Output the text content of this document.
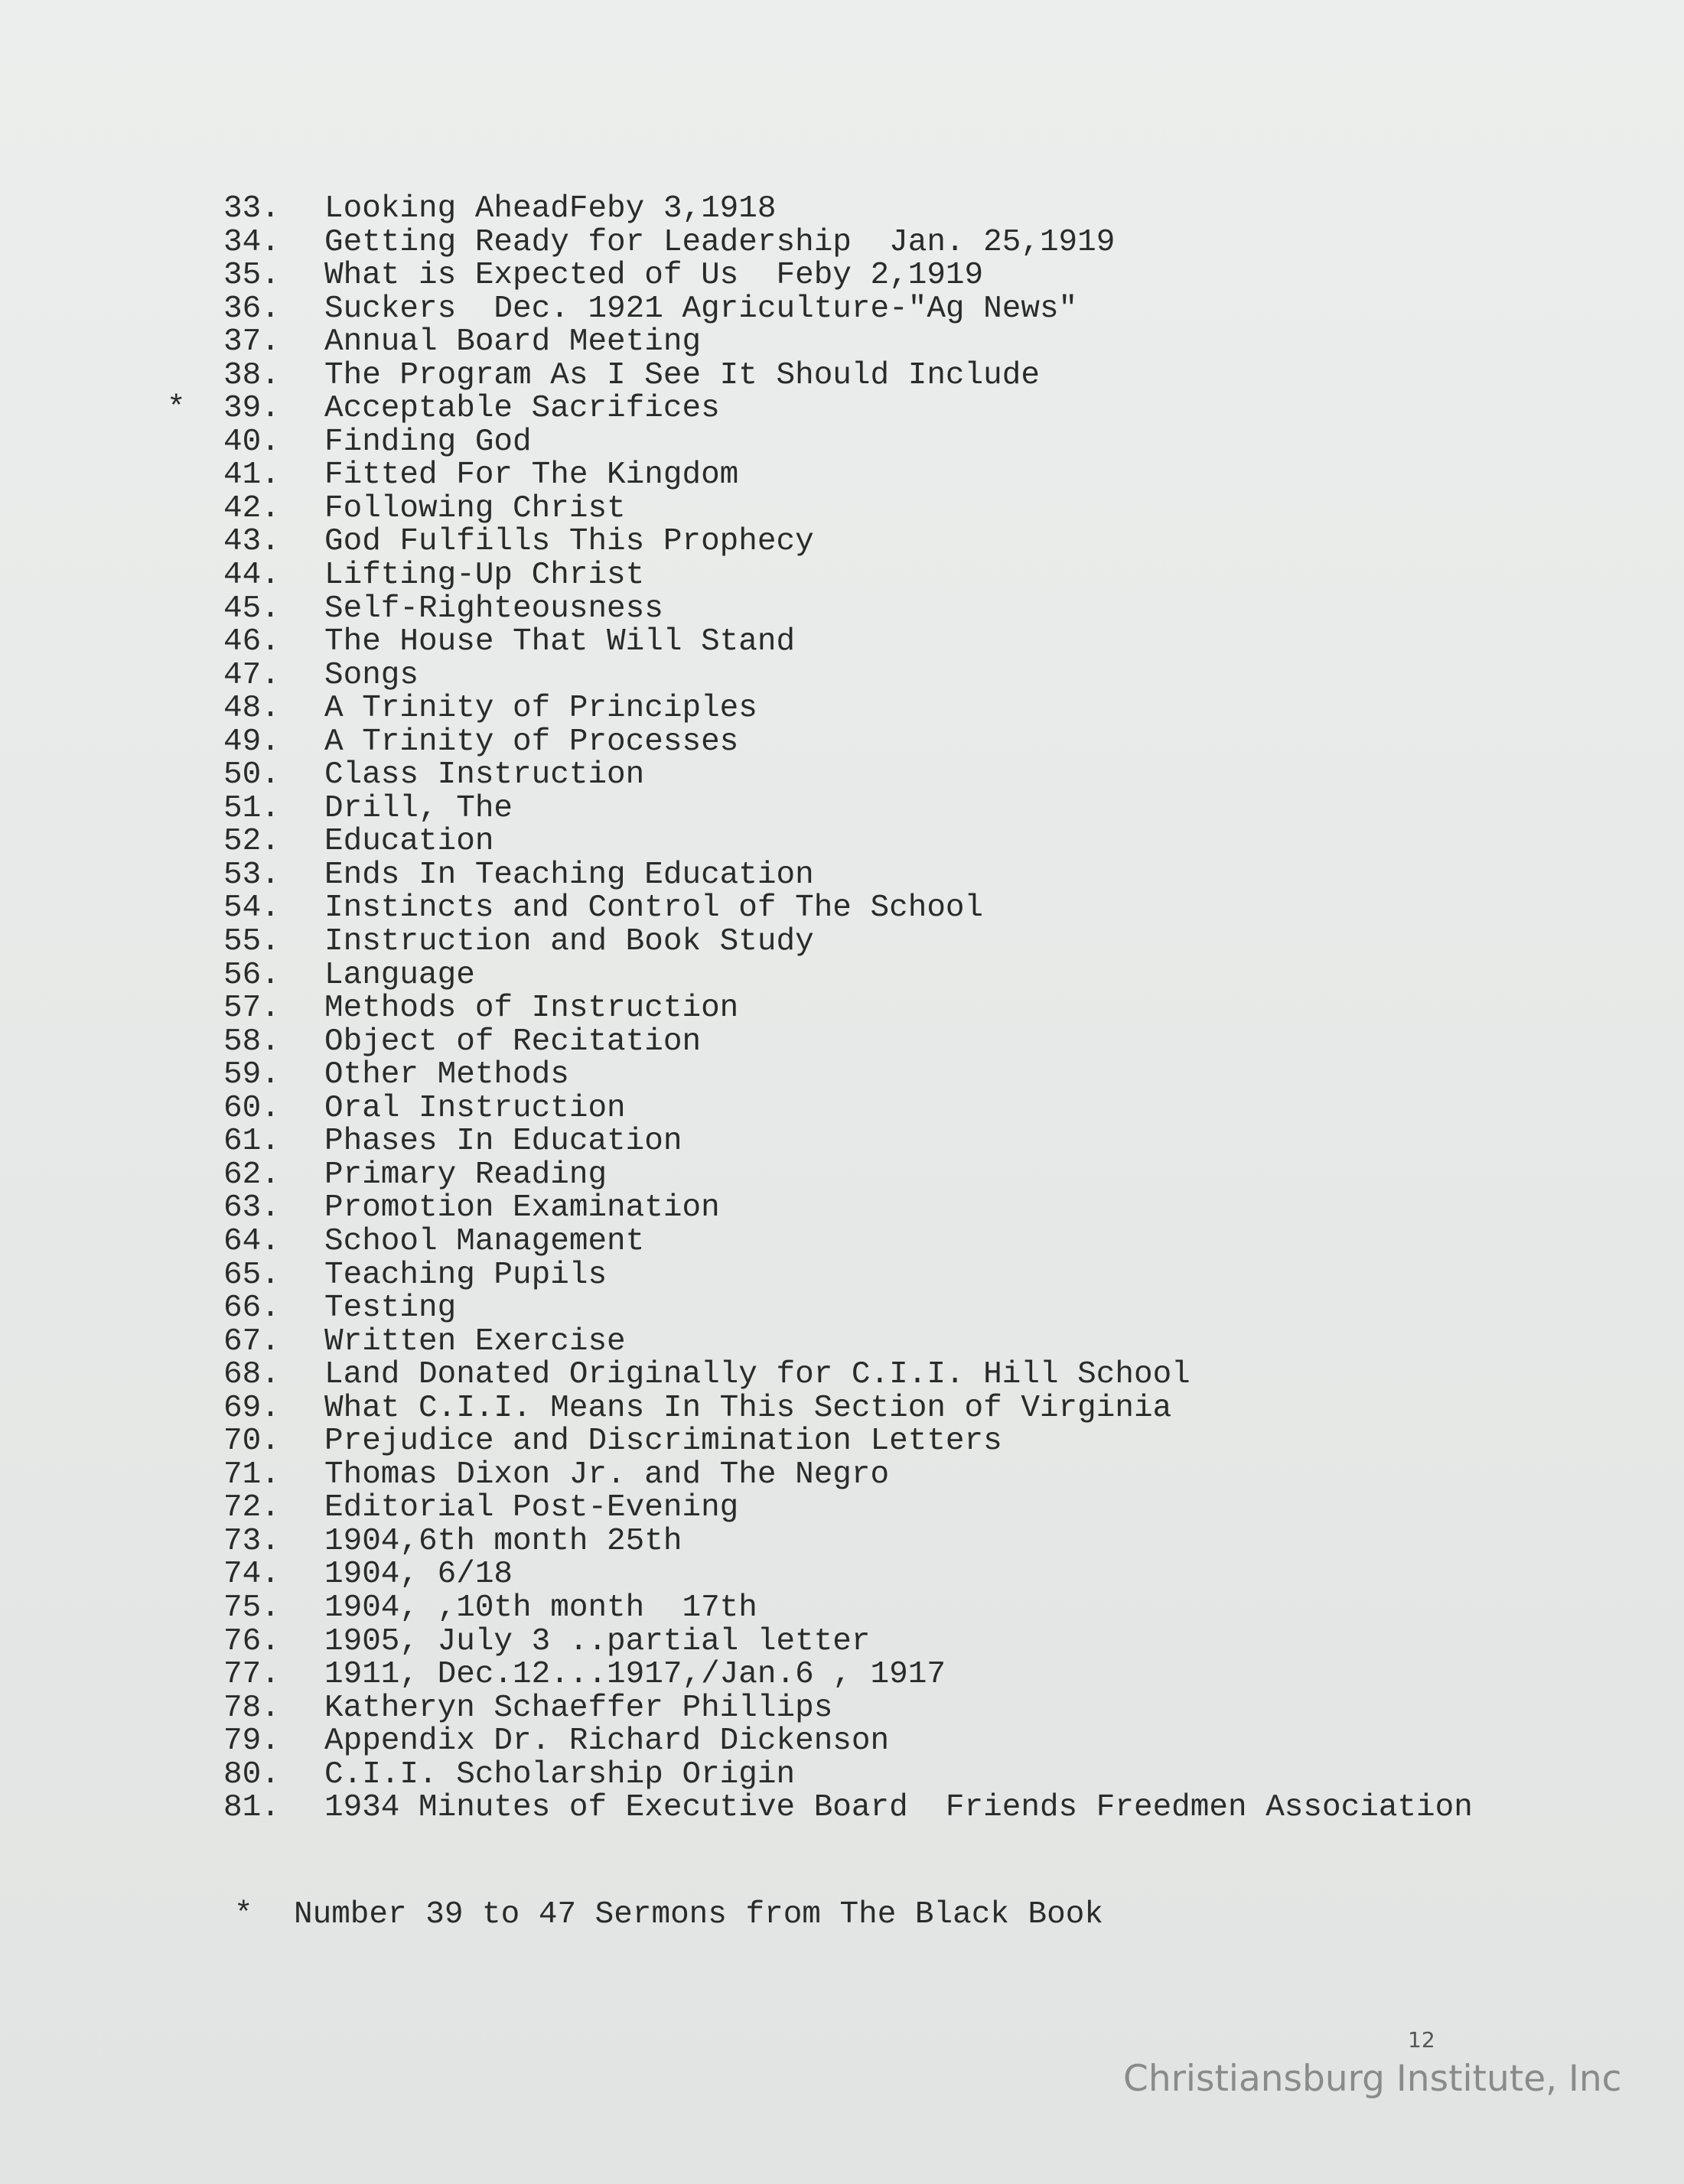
33.	Looking AheadFeby 3,1918
34.	Getting Ready for Leadership  Jan. 25,1919
35.	What is Expected of Us  Feby 2,1919
36.	Suckers  Dec. 1921 Agriculture-"Ag News"
37.	Annual Board Meeting
38.	The Program As I See It Should Include
* 39.	Acceptable Sacrifices
40.	Finding God
41.	Fitted For The Kingdom
42.	Following Christ
43.	God Fulfills This Prophecy
44.	Lifting-Up Christ
45.	Self-Righteousness
46.	The House That Will Stand
47.	Songs
48.	A Trinity of Principles
49.	A Trinity of Processes
50.	Class Instruction
51.	Drill, The
52.	Education
53.	Ends In Teaching Education
54.	Instincts and Control of The School
55.	Instruction and Book Study
56.	Language
57.	Methods of Instruction
58.	Object of Recitation
59.	Other Methods
60.	Oral Instruction
61.	Phases In Education
62.	Primary Reading
63.	Promotion Examination
64.	School Management
65.	Teaching Pupils
66.	Testing
67.	Written Exercise
68.	Land Donated Originally for C.I.I. Hill School
69.	What C.I.I. Means In This Section of Virginia
70.	Prejudice and Discrimination Letters
71.	Thomas Dixon Jr. and The Negro
72.	Editorial Post-Evening
73.	1904,6th month 25th
74.	1904, 6/18
75.	1904, ,10th month  17th
76.	1905, July 3 ..partial letter
77.	1911, Dec.12...1917,/Jan.6 , 1917
78.	Katheryn Schaeffer Phillips
79.	Appendix Dr. Richard Dickenson
80.	C.I.I. Scholarship Origin
81.	1934 Minutes of Executive Board  Friends Freedmen Association
* Number 39 to 47 Sermons from The Black Book
12
Christiansburg Institute, Inc
